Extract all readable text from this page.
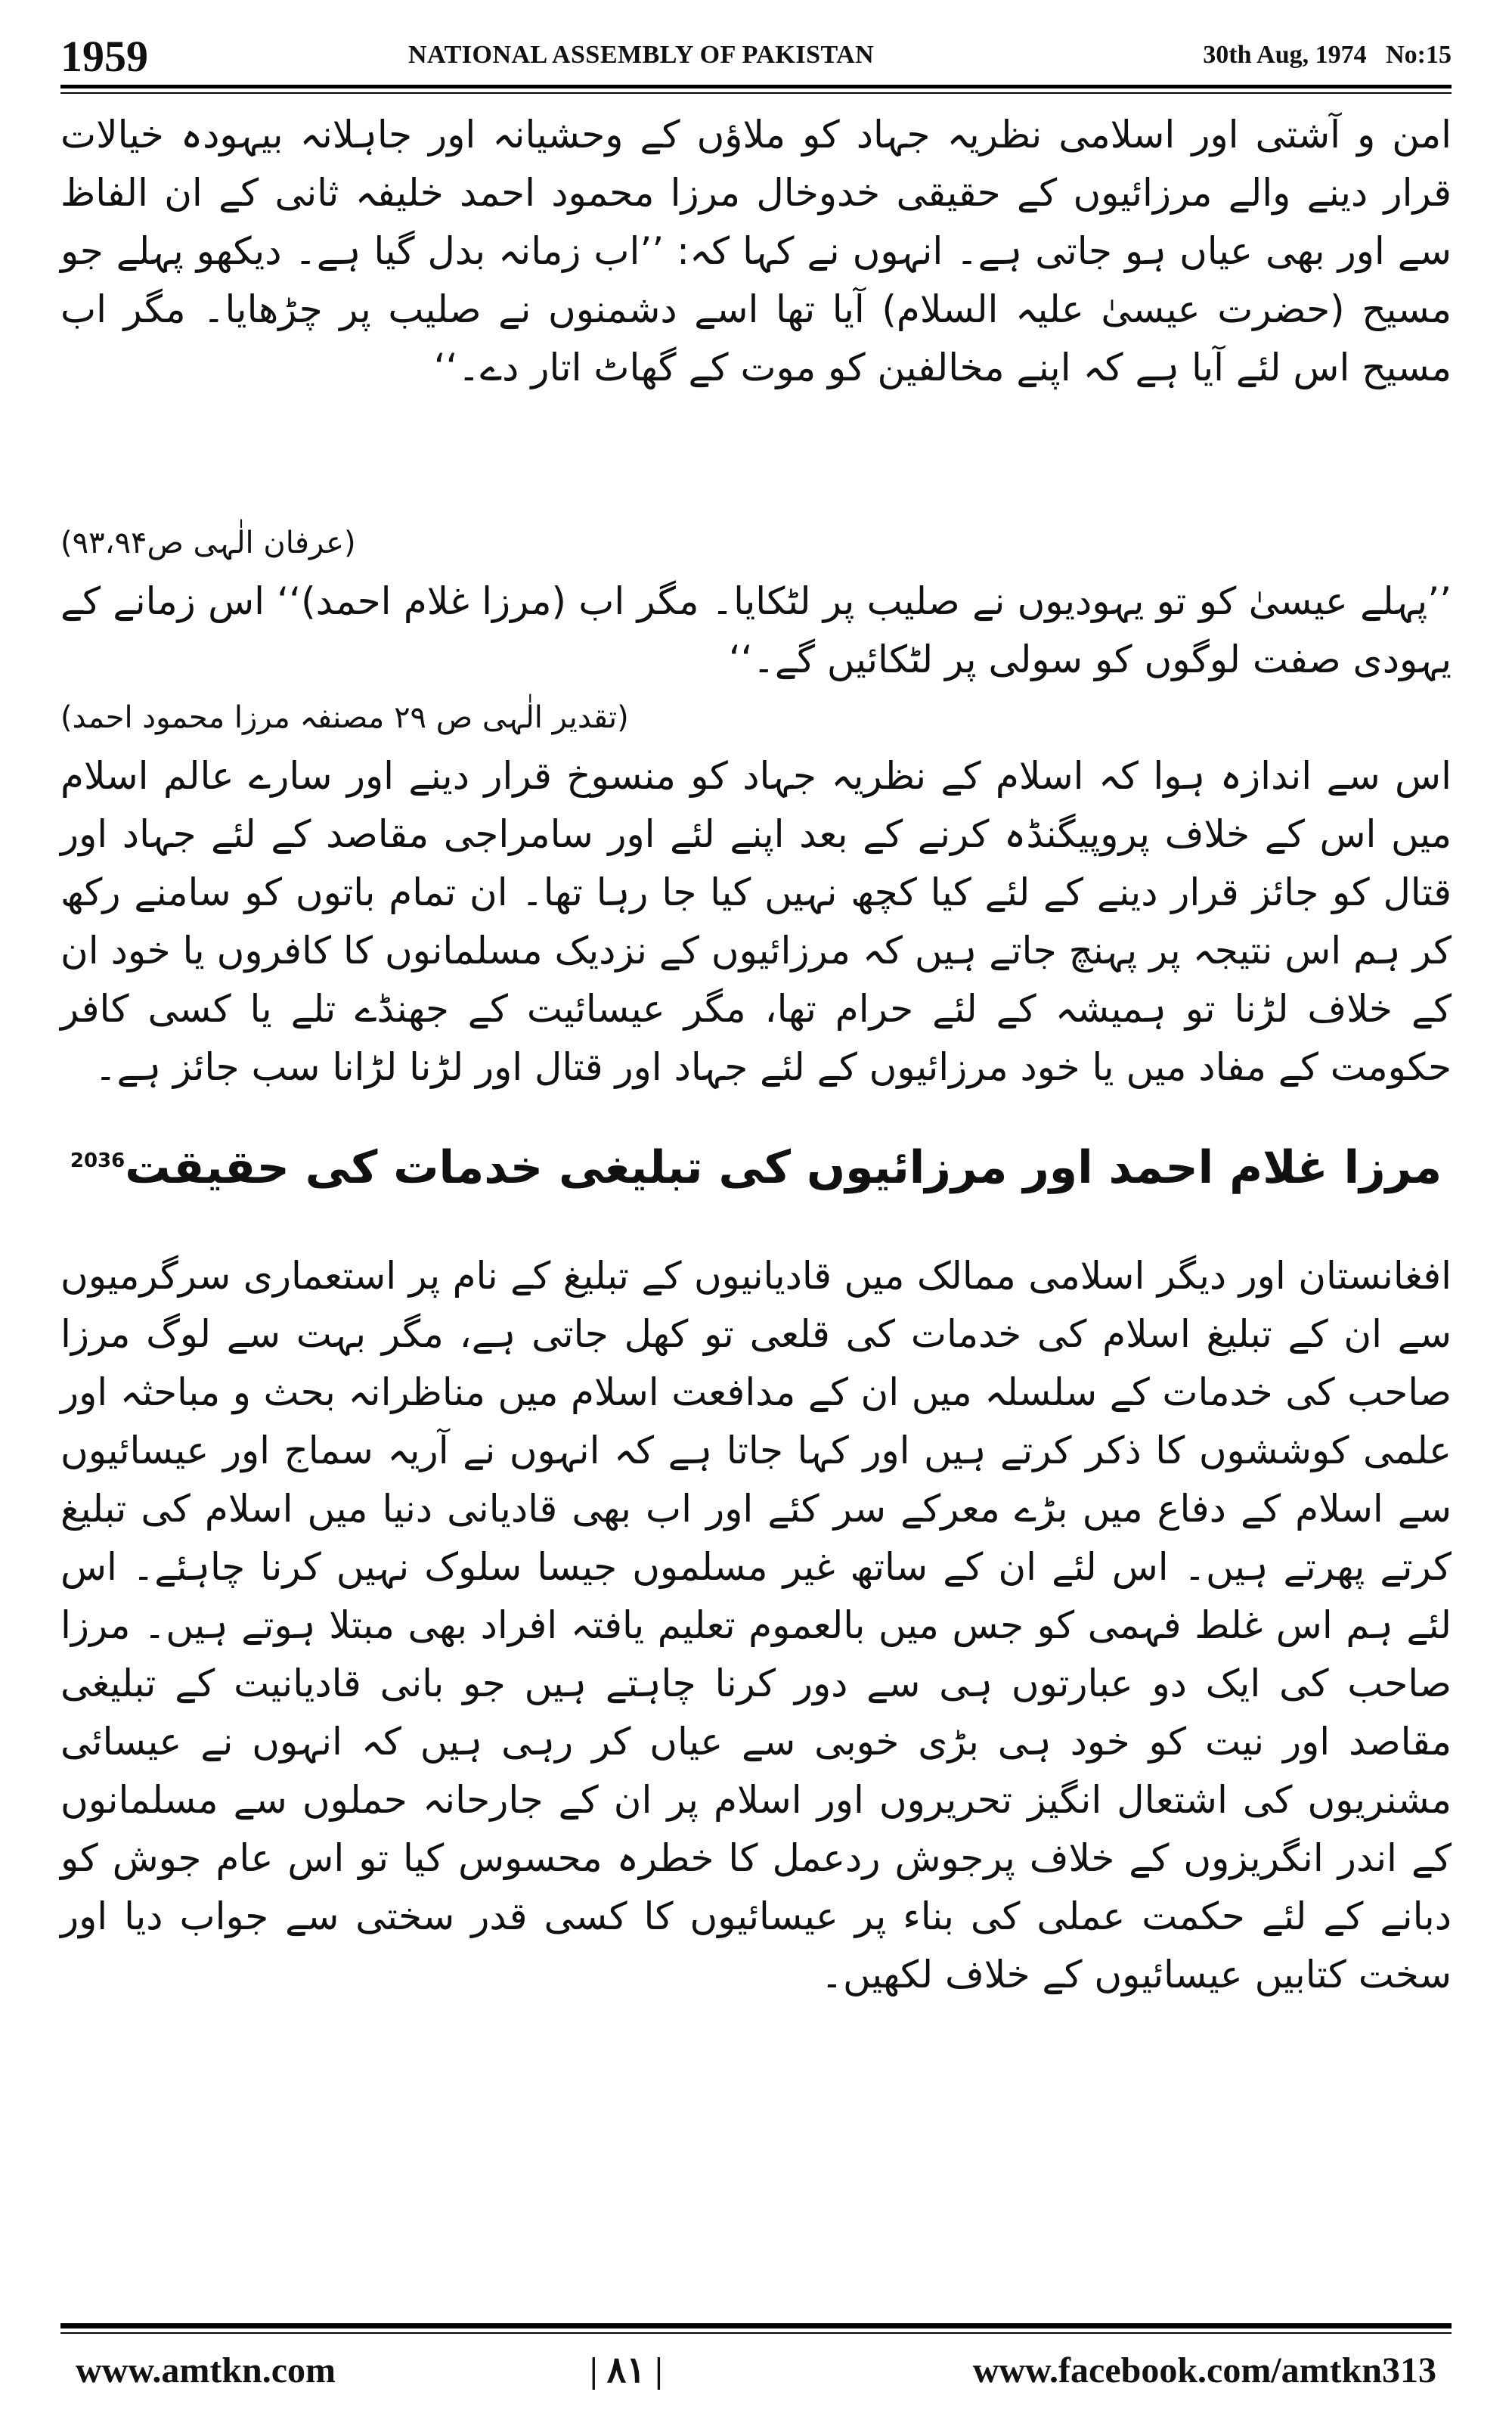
1959	NATIONAL ASSEMBLY OF PAKISTAN	30th Aug, 1974 No:15

امن و آشتی اور اسلامی نظریہ جہاد کو ملاؤں کے وحشیانہ اور جاہلانہ بیہودہ خیالات قرار دینے والے مرزائیوں کے حقیقی خدوخال مرزا محمود احمد خلیفہ ثانی کے ان الفاظ سے اور بھی عیاں ہو جاتی ہے۔ انہوں نے کہا کہ: ’’اب زمانہ بدل گیا ہے۔ دیکھو پہلے جو مسیح (حضرت عیسیٰ علیہ السلام) آیا تھا اسے دشمنوں نے صلیب پر چڑھایا۔ مگر اب مسیح اس لئے آیا ہے کہ اپنے مخالفین کو موت کے گھاٹ اتار دے۔‘‘

(عرفان الٰہی ص۹۳،۹۴)

’’پہلے عیسیٰ کو تو یہودیوں نے صلیب پر لٹکایا۔ مگر اب (مرزا غلام احمد)‘‘ اس زمانے کے یہودی صفت لوگوں کو سولی پر لٹکائیں گے۔‘‘

(تقدیر الٰہی ص ۲۹ مصنفہ مرزا محمود احمد)

اس سے اندازہ ہوا کہ اسلام کے نظریہ جہاد کو منسوخ قرار دینے اور سارے عالم اسلام میں اس کے خلاف پروپیگنڈہ کرنے کے بعد اپنے لئے اور سامراجی مقاصد کے لئے جہاد اور قتال کو جائز قرار دینے کے لئے کیا کچھ نہیں کیا جا رہا تھا۔ ان تمام باتوں کو سامنے رکھ کر ہم اس نتیجہ پر پہنچ جاتے ہیں کہ مرزائیوں کے نزدیک مسلمانوں کا کافروں یا خود ان کے خلاف لڑنا تو ہمیشہ کے لئے حرام تھا، مگر عیسائیت کے جھنڈے تلے یا کسی کافر حکومت کے مفاد میں یا خود مرزائیوں کے لئے جہاد اور قتال اور لڑنا لڑانا سب جائز ہے۔

مرزا غلام احمد اور مرزائیوں کی تبلیغی خدمات کی حقیقت$^{2036}$

افغانستان اور دیگر اسلامی ممالک میں قادیانیوں کے تبلیغ کے نام پر استعماری سرگرمیوں سے ان کے تبلیغ اسلام کی خدمات کی قلعی تو کھل جاتی ہے، مگر بہت سے لوگ مرزا صاحب کی خدمات کے سلسلہ میں ان کے مدافعت اسلام میں مناظرانہ بحث و مباحثہ اور علمی کوششوں کا ذکر کرتے ہیں اور کہا جاتا ہے کہ انہوں نے آریہ سماج اور عیسائیوں سے اسلام کے دفاع میں بڑے معرکے سر کئے اور اب بھی قادیانی دنیا میں اسلام کی تبلیغ کرتے پھرتے ہیں۔ اس لئے ان کے ساتھ غیر مسلموں جیسا سلوک نہیں کرنا چاہئے۔ اس لئے ہم اس غلط فہمی کو جس میں بالعموم تعلیم یافتہ افراد بھی مبتلا ہوتے ہیں۔ مرزا صاحب کی ایک دو عبارتوں ہی سے دور کرنا چاہتے ہیں جو بانی قادیانیت کے تبلیغی مقاصد اور نیت کو خود ہی بڑی خوبی سے عیاں کر رہی ہیں کہ انہوں نے عیسائی مشنریوں کی اشتعال انگیز تحریروں اور اسلام پر ان کے جارحانہ حملوں سے مسلمانوں کے اندر انگریزوں کے خلاف پرجوش ردعمل کا خطرہ محسوس کیا تو اس عام جوش کو دبانے کے لئے حکمت عملی کی بناء پر عیسائیوں کا کسی قدر سختی سے جواب دیا اور سخت کتابیں عیسائیوں کے خلاف لکھیں۔

www.amtkn.com	| ۸۱ |	www.facebook.com/amtkn313
